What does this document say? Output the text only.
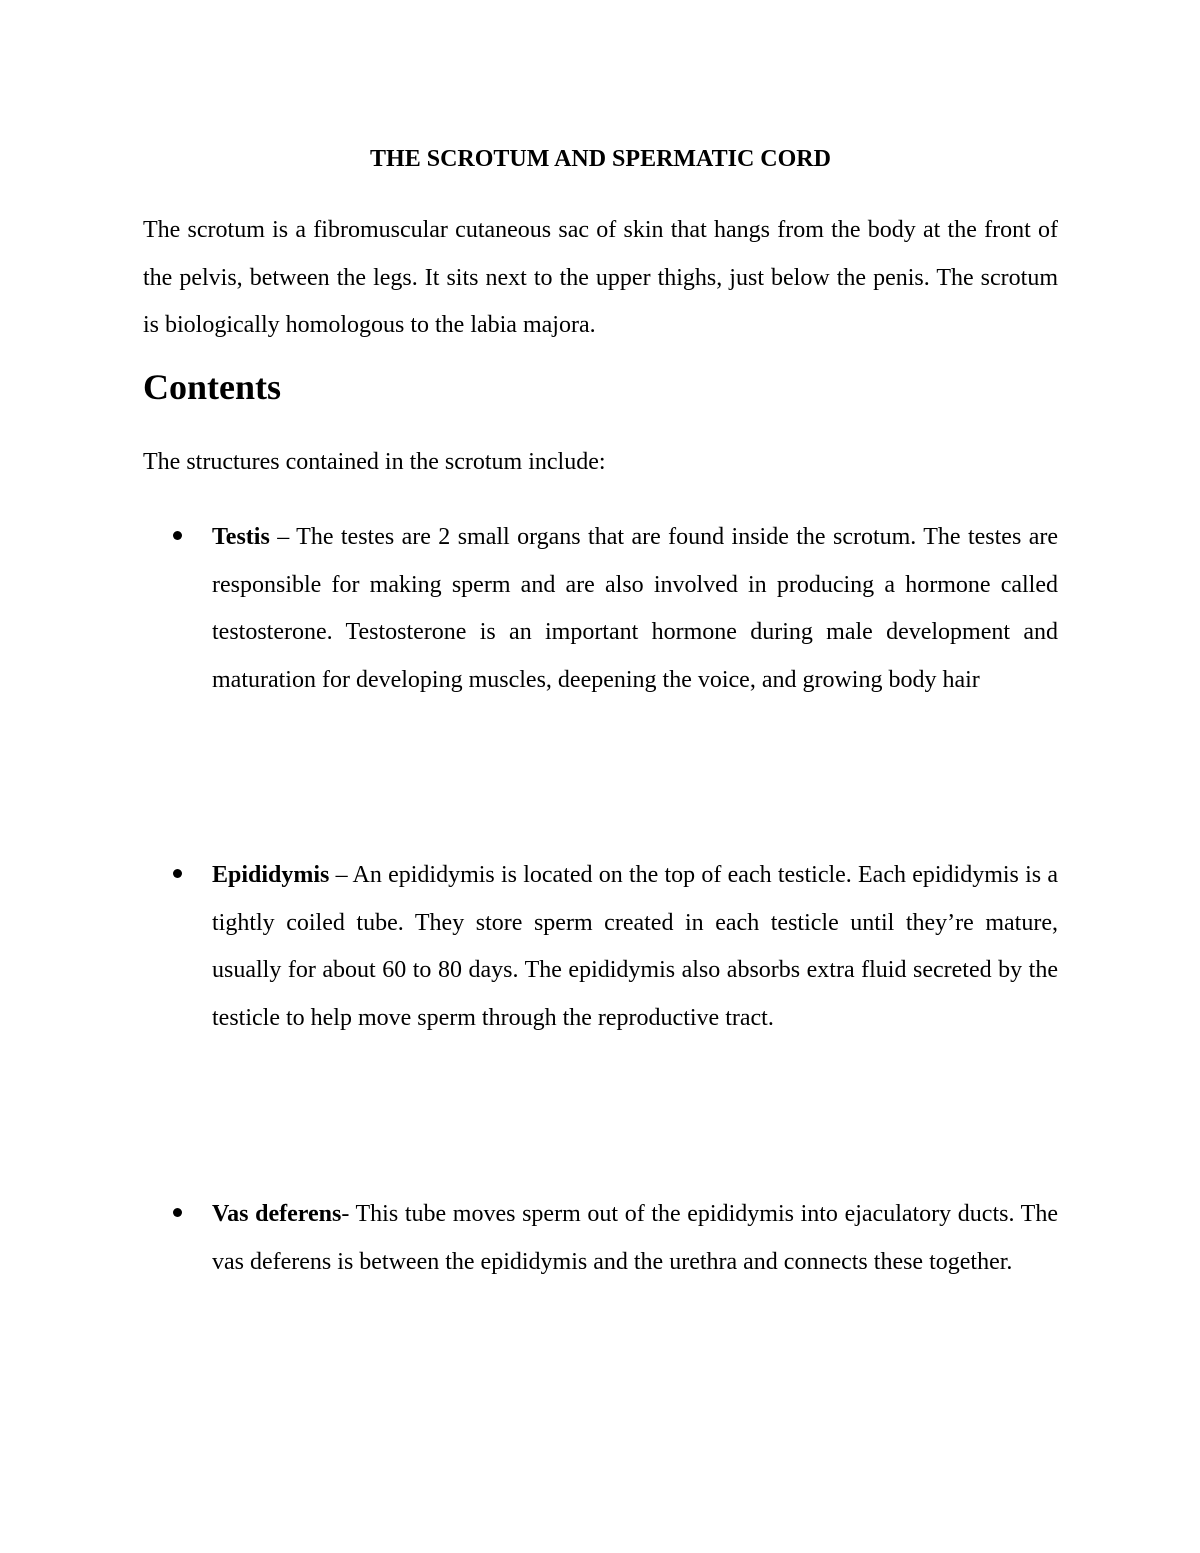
THE SCROTUM AND SPERMATIC CORD

The scrotum is a fibromuscular cutaneous sac of skin that hangs from the body at the front of the pelvis, between the legs. It sits next to the upper thighs, just below the penis. The scrotum is biologically homologous to the labia majora.

Contents

The structures contained in the scrotum include:

Testis – The testes are 2 small organs that are found inside the scrotum. The testes are responsible for making sperm and are also involved in producing a hormone called testosterone. Testosterone is an important hormone during male development and maturation for developing muscles, deepening the voice, and growing body hair

Epididymis – An epididymis is located on the top of each testicle. Each epididymis is a tightly coiled tube. They store sperm created in each testicle until they’re mature, usually for about 60 to 80 days. The epididymis also absorbs extra fluid secreted by the testicle to help move sperm through the reproductive tract.

Vas deferens- This tube moves sperm out of the epididymis into ejaculatory ducts. The vas deferens is between the epididymis and the urethra and connects these together.
